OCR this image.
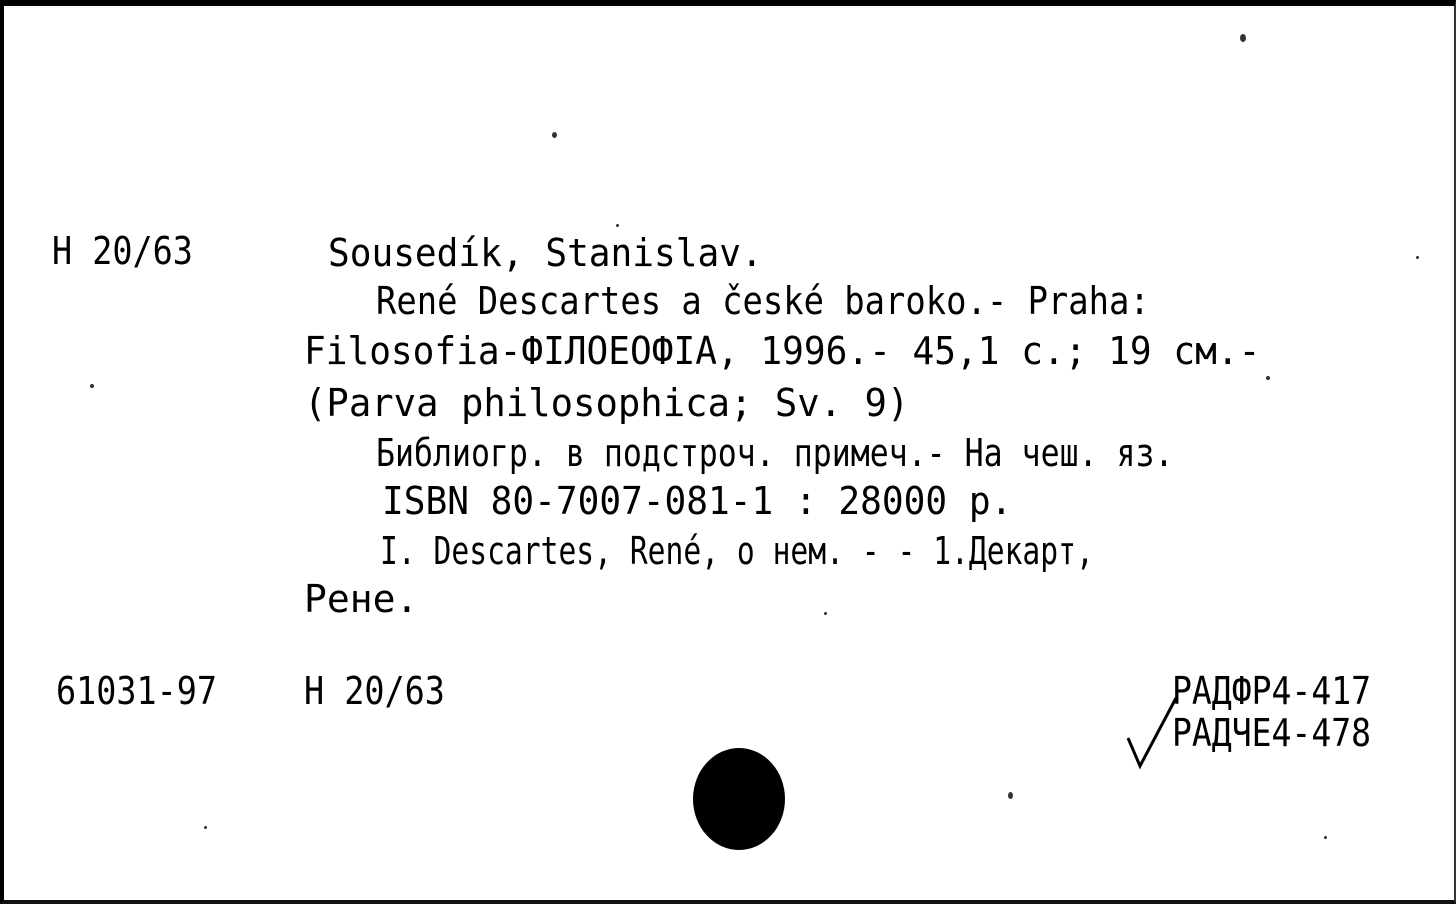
Н 20/63	Sousedík, Stanislav.
René Descartes a české baroko.- Praha:
Filosofia-ФІЛОЕОФІА, 1996.- 45,1 с.; 19 см.-
(Parva philosophica; Sv. 9)
Библиогр. в подстроч. примеч.- На чеш. яз.
ISBN 80-7007-081-1 : 28000 р.
I. Descartes, René, о нем. - - 1.Декарт,
Рене.
61031-97 Н 20/63	РАДФР4-417
РАДЧЕ4-478
